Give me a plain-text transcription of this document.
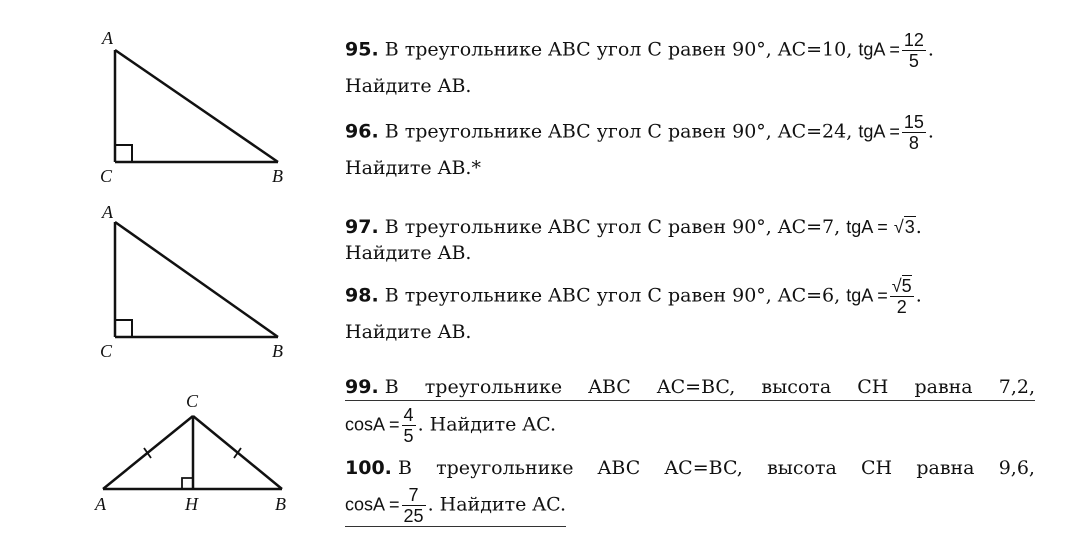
A
C	B
A
C	B
C
A	H	B
95. В треугольнике ABC угол C равен 90°, AC=10, tgA = $\frac{12}{5}$ .
Найдите AB.
96. В треугольнике ABC угол C равен 90°, AC=24, tgA = $\frac{15}{8}$ .
Найдите AB.*
97. В треугольнике ABC угол C равен 90°, AC=7, tgA = √3.
Найдите AB.
98. В треугольнике ABC угол C равен 90°, AC=6, tgA = $\frac{√5}{2}$ .
Найдите AB.
99. В треугольнике ABC AC=BC, высота CH равна 7,2,
$\cos A = \frac{4}{5}$ . Найдите AC.
100. В треугольнике ABC AC=BC, высота CH равна 9,6,
$\cos A = \frac{7}{25}$ . Найдите AC.
